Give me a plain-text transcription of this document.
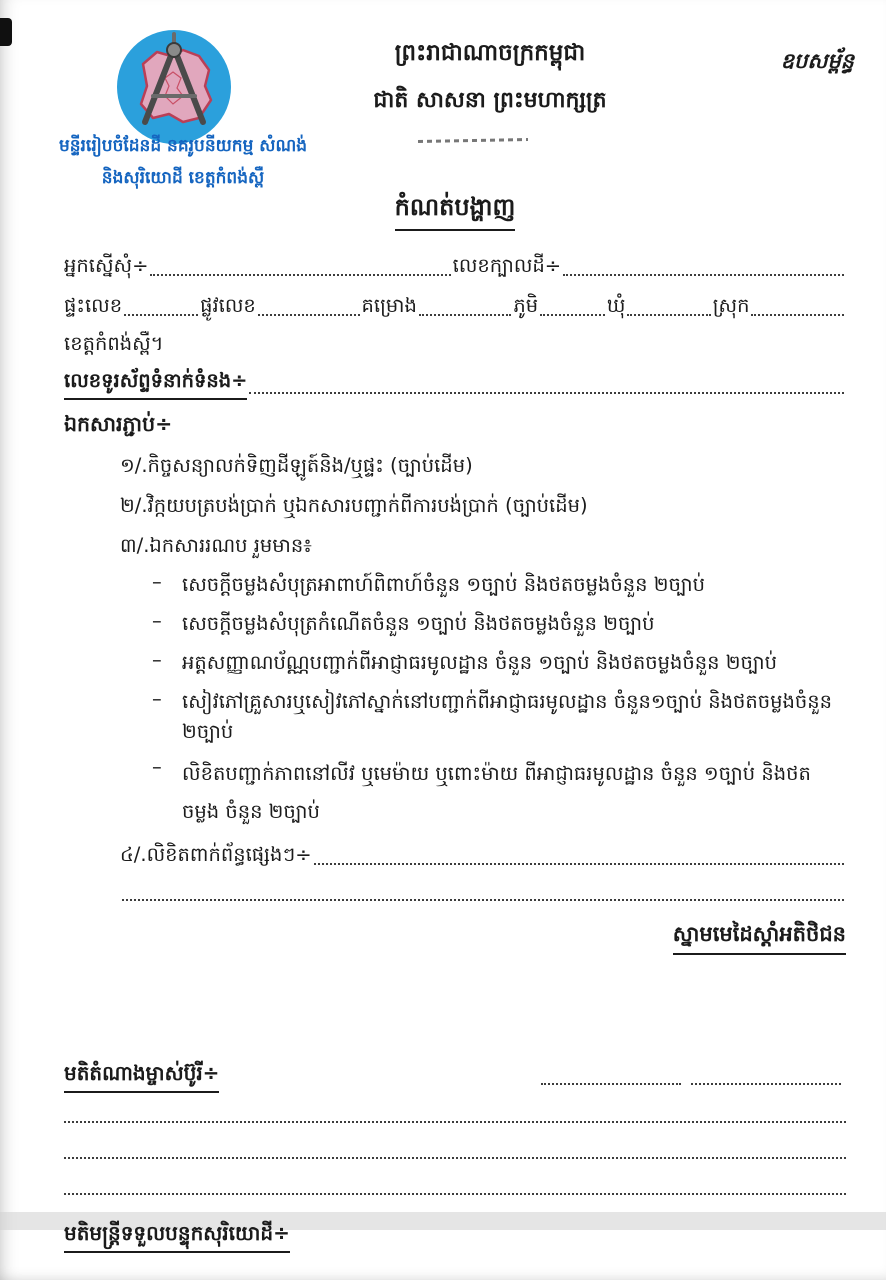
មន្ទីររៀបចំដែនដី នគរូបនីយកម្ម សំណង់
និងសុរិយោដី ខេត្តកំពង់ស្ពឺ
ព្រះរាជាណាចក្រកម្ពុជា
ជាតិ សាសនា ព្រះមហាក្សត្រ
ឧបសម្ព័ន្ធ
កំណត់បង្ហាញ
អ្នកស្នើសុំ÷	លេខក្បាលដី÷
ផ្ទះលេខ	ផ្លូវលេខ	គម្រោង	ភូមិ	ឃុំ	ស្រុក
ខេត្តកំពង់ស្ពឺ។
លេខទូរស័ព្ទទំនាក់ទំនង÷
ឯកសារភ្ជាប់÷
១/.កិច្ចសន្យាលក់ទិញដីឡូត៍និង/ឬផ្ទះ (ច្បាប់ដើម)
២/.វិក្កយបត្របង់ប្រាក់ ឬឯកសារបញ្ជាក់ពីការបង់ប្រាក់ (ច្បាប់ដើម)
៣/.ឯកសាររណប រួមមាន៖
–	សេចក្តីចម្លងសំបុត្រអាពាហ៍ពិពាហ៍ចំនួន ១ច្បាប់ និងថតចម្លងចំនួន ២ច្បាប់
–	សេចក្តីចម្លងសំបុត្រកំណើតចំនួន ១ច្បាប់ និងថតចម្លងចំនួន ២ច្បាប់
–	អត្តសញ្ញាណប័ណ្ណបញ្ជាក់ពីអាជ្ញាធរមូលដ្ឋាន ចំនួន ១ច្បាប់ និងថតចម្លងចំនួន ២ច្បាប់
–	សៀវភៅគ្រួសារឬសៀវភៅស្នាក់នៅបញ្ជាក់ពីអាជ្ញាធរមូលដ្ឋាន ចំនួន១ច្បាប់ និងថតចម្លងចំនួន ២ច្បាប់
–	លិខិតបញ្ជាក់ភាពនៅលីវ ឬមេម៉ាយ ឬពោះម៉ាយ ពីអាជ្ញាធរមូលដ្ឋាន ចំនួន ១ច្បាប់ និងថតចម្លង ចំនួន ២ច្បាប់
៤/.លិខិតពាក់ព័ន្ធផ្សេងៗ÷
ស្នាមមេដៃស្ដាំអតិថិជន
មតិតំណាងម្ចាស់ប៊ូរី÷
មតិមន្ត្រីទទួលបន្ទុកសុរិយោដី÷
